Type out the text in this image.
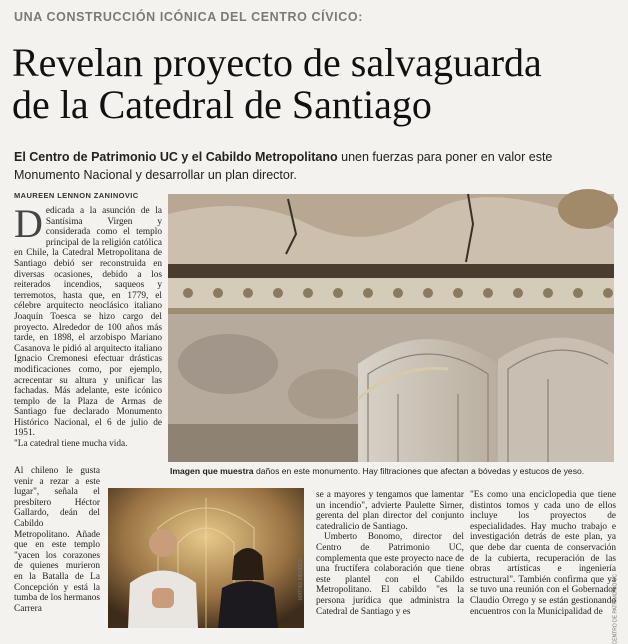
UNA CONSTRUCCIÓN ICÓNICA DEL CENTRO CÍVICO:
Revelan proyecto de salvaguarda
de la Catedral de Santiago
El Centro de Patrimonio UC y el Cabildo Metropolitano unen fuerzas para poner en valor este Monumento Nacional y desarrollar un plan director.
MAUREEN LENNON ZANINOVIC
Dedicada a la asunción de la Santísima Virgen y considerada como el templo principal de la religión católica en Chile, la Catedral Metropolitana de Santiago debió ser reconstruida en diversas ocasiones, debido a los reiterados incendios, saqueos y terremotos, hasta que, en 1779, el célebre arquitecto neoclásico italiano Joaquín Toesca se hizo cargo del proyecto. Alrededor de 100 años más tarde, en 1898, el arzobispo Mariano Casanova le pidió al arquitecto italiano Ignacio Cremonesi efectuar drásticas modificaciones como, por ejemplo, acrecentar su altura y unificar las fachadas. Más adelante, este icónico templo de la Plaza de Armas de Santiago fue declarado Monumento Histórico Nacional, el 6 de julio de 1951.

"La catedral tiene mucha vida.

Al chileno le gusta venir a rezar a este lugar", señala el presbítero Héctor Gallardo, deán del Cabildo Metropolitano. Añade que en este templo "yacen los corazones de quienes murieron en la Batalla de La Concepción y está la tumba de los hermanos Carrera	CENTRO DE PATRIMONIO UC
Imagen que muestra daños en este monumento. Hay filtraciones que afectan a bóvedas y estucos de yeso.
MATÍAS MENDES

se a mayores y tengamos que lamentar un incendio", advierte Paulette Sirner, gerenta del plan director del conjunto catedralicio de Santiago.

Umberto Bonomo, director del Centro de Patrimonio UC, complementa que este proyecto nace de una fructífera colaboración que tiene este plantel con el Cabildo Metropolitano. El cabildo "es la persona jurídica que administra la Catedral de Santiago y es

"Es como una enciclopedia que tiene distintos tomos y cada uno de ellos incluye los proyectos de especialidades. Hay mucho trabajo e investigación detrás de este plan, ya que debe dar cuenta de conservación de la cubierta, recuperación de las obras artísticas e ingeniería estructural". También confirma que ya se tuvo una reunión con el Gobernador Claudio Orrego y se están gestionando encuentros con la Municipalidad de
